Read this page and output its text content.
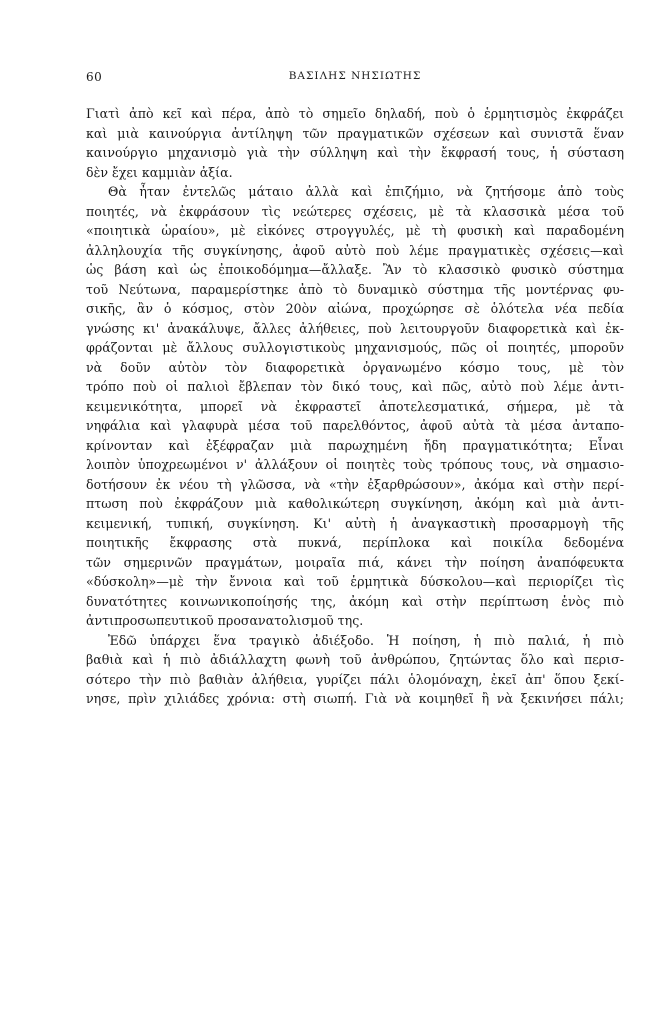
60	ΒΑΣΙΛΗΣ ΝΗΣΙΩΤΗΣ
Γιατὶ ἀπὸ κεῖ καὶ πέρα, ἀπὸ τὸ σημεῖο δηλαδή, ποὺ ὁ ἑρμητισμὸς ἐκφράζει
καὶ μιὰ καινούργια ἀντίληψη τῶν πραγματικῶν σχέσεων καὶ συνιστᾶ ἕναν
καινούργιο μηχανισμὸ γιὰ τὴν σύλληψη καὶ τὴν ἔκφρασή τους, ἡ σύσταση
δὲν ἔχει καμμιὰν ἀξία.
Θὰ ἦταν ἐντελῶς μάταιο ἀλλὰ καὶ ἐπιζήμιο, νὰ ζητήσομε ἀπὸ τοὺς
ποιητές, νὰ ἐκφράσουν τὶς νεώτερες σχέσεις, μὲ τὰ κλασσικὰ μέσα τοῦ
«ποιητικὰ ὡραίου», μὲ εἰκόνες στρογγυλές, μὲ τὴ φυσικὴ καὶ παραδομένη
ἀλληλουχία τῆς συγκίνησης, ἀφοῦ αὐτὸ ποὺ λέμε πραγματικὲς σχέσεις—καὶ
ὡς βάση καὶ ὡς ἐποικοδόμημα—ἄλλαξε. Ἂν τὸ κλασσικὸ φυσικὸ σύστημα
τοῦ Νεύτωνα, παραμερίστηκε ἀπὸ τὸ δυναμικὸ σύστημα τῆς μοντέρνας φυ-
σικῆς, ἂν ὁ κόσμος, στὸν 20ὸν αἰώνα, προχώρησε σὲ ὁλότελα νέα πεδία
γνώσης κι' ἀνακάλυψε, ἄλλες ἀλήθειες, ποὺ λειτουργοῦν διαφορετικὰ καὶ ἐκ-
φράζονται μὲ ἄλλους συλλογιστικοὺς μηχανισμούς, πῶς οἱ ποιητές, μποροῦν
νὰ δοῦν αὐτὸν τὸν διαφορετικὰ ὀργανωμένο κόσμο τους, μὲ τὸν
τρόπο ποὺ οἱ παλιοὶ ἔβλεπαν τὸν δικό τους, καὶ πῶς, αὐτὸ ποὺ λέμε ἀντι-
κειμενικότητα, μπορεῖ νὰ ἐκφραστεῖ ἀποτελεσματικά, σήμερα, μὲ τὰ
νηφάλια καὶ γλαφυρὰ μέσα τοῦ παρελθόντος, ἀφοῦ αὐτὰ τὰ μέσα ἀνταπο-
κρίνονταν καὶ ἐξέφραζαν μιὰ παρωχημένη ἤδη πραγματικότητα; Εἶναι
λοιπὸν ὑποχρεωμένοι ν' ἀλλάξουν οἱ ποιητὲς τοὺς τρόπους τους, νὰ σημασιο-
δοτήσουν ἐκ νέου τὴ γλῶσσα, νὰ «τὴν ἐξαρθρώσουν», ἀκόμα καὶ στὴν περί-
πτωση ποὺ ἐκφράζουν μιὰ καθολικώτερη συγκίνηση, ἀκόμη καὶ μιὰ ἀντι-
κειμενική, τυπική, συγκίνηση. Κι' αὐτὴ ἡ ἀναγκαστικὴ προσαρμογὴ τῆς
ποιητικῆς ἔκφρασης στὰ πυκνά, περίπλοκα καὶ ποικίλα δεδομένα
τῶν σημερινῶν πραγμάτων, μοιραῖα πιά, κάνει τὴν ποίηση ἀναπόφευκτα
«δύσκολη»—μὲ τὴν ἔννοια καὶ τοῦ ἑρμητικὰ δύσκολου—καὶ περιορίζει τὶς
δυνατότητες κοινωνικοποίησής της, ἀκόμη καὶ στὴν περίπτωση ἑνὸς πιὸ
ἀντιπροσωπευτικοῦ προσανατολισμοῦ της.
Ἐδῶ ὑπάρχει ἕνα τραγικὸ ἀδιέξοδο. Ἡ ποίηση, ἡ πιὸ παλιά, ἡ πιὸ
βαθιὰ καὶ ἡ πιὸ ἀδιάλλαχτη φωνὴ τοῦ ἀνθρώπου, ζητώντας ὅλο καὶ περισ-
σότερο τὴν πιὸ βαθιὰν ἀλήθεια, γυρίζει πάλι ὁλομόναχη, ἐκεῖ ἀπ' ὅπου ξεκί-
νησε, πρὶν χιλιάδες χρόνια: στὴ σιωπή. Γιὰ νὰ κοιμηθεῖ ἢ νὰ ξεκινήσει πάλι;
